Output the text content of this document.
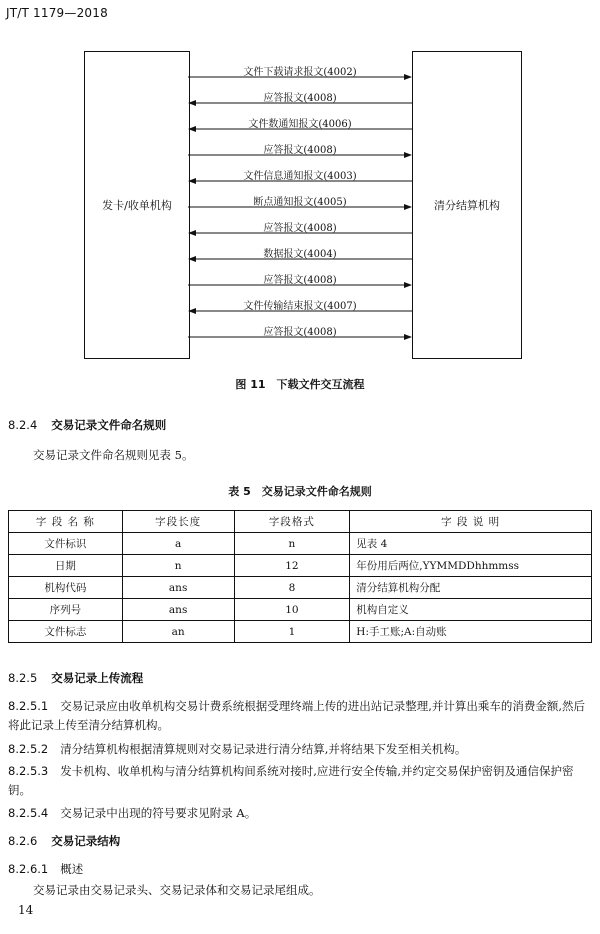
JT/T 1179—2018
发卡/收单机构	清分结算机构
文件下载请求报文(4002)
应答报文(4008)
文件数通知报文(4006)
应答报文(4008)
文件信息通知报文(4003)
断点通知报文(4005)
应答报文(4008)
数据报文(4004)
应答报文(4008)
文件传输结束报文(4007)
应答报文(4008)
图 11　下载文件交互流程
8.2.4 交易记录文件命名规则
交易记录文件命名规则见表 5。
表 5　交易记录文件命名规则
字 段 名 称	字段长度	字段格式	字 段 说 明
文件标识	a	n	见表 4
日期	n	12	年份用后两位,YYMMDDhhmmss
机构代码	ans	8	清分结算机构分配
序列号	ans	10	机构自定义
文件标志	an	1	H:手工账;A:自动账
8.2.5 交易记录上传流程
8.2.5.1 交易记录应由收单机构交易计费系统根据受理终端上传的进出站记录整理,并计算出乘车的消费金额,然后将此记录上传至清分结算机构。
8.2.5.2 清分结算机构根据清算规则对交易记录进行清分结算,并将结果下发至相关机构。
8.2.5.3 发卡机构、收单机构与清分结算机构间系统对接时,应进行安全传输,并约定交易保护密钥及通信保护密钥。
8.2.5.4 交易记录中出现的符号要求见附录 A。
8.2.6 交易记录结构
8.2.6.1 概述
交易记录由交易记录头、交易记录体和交易记录尾组成。
14
